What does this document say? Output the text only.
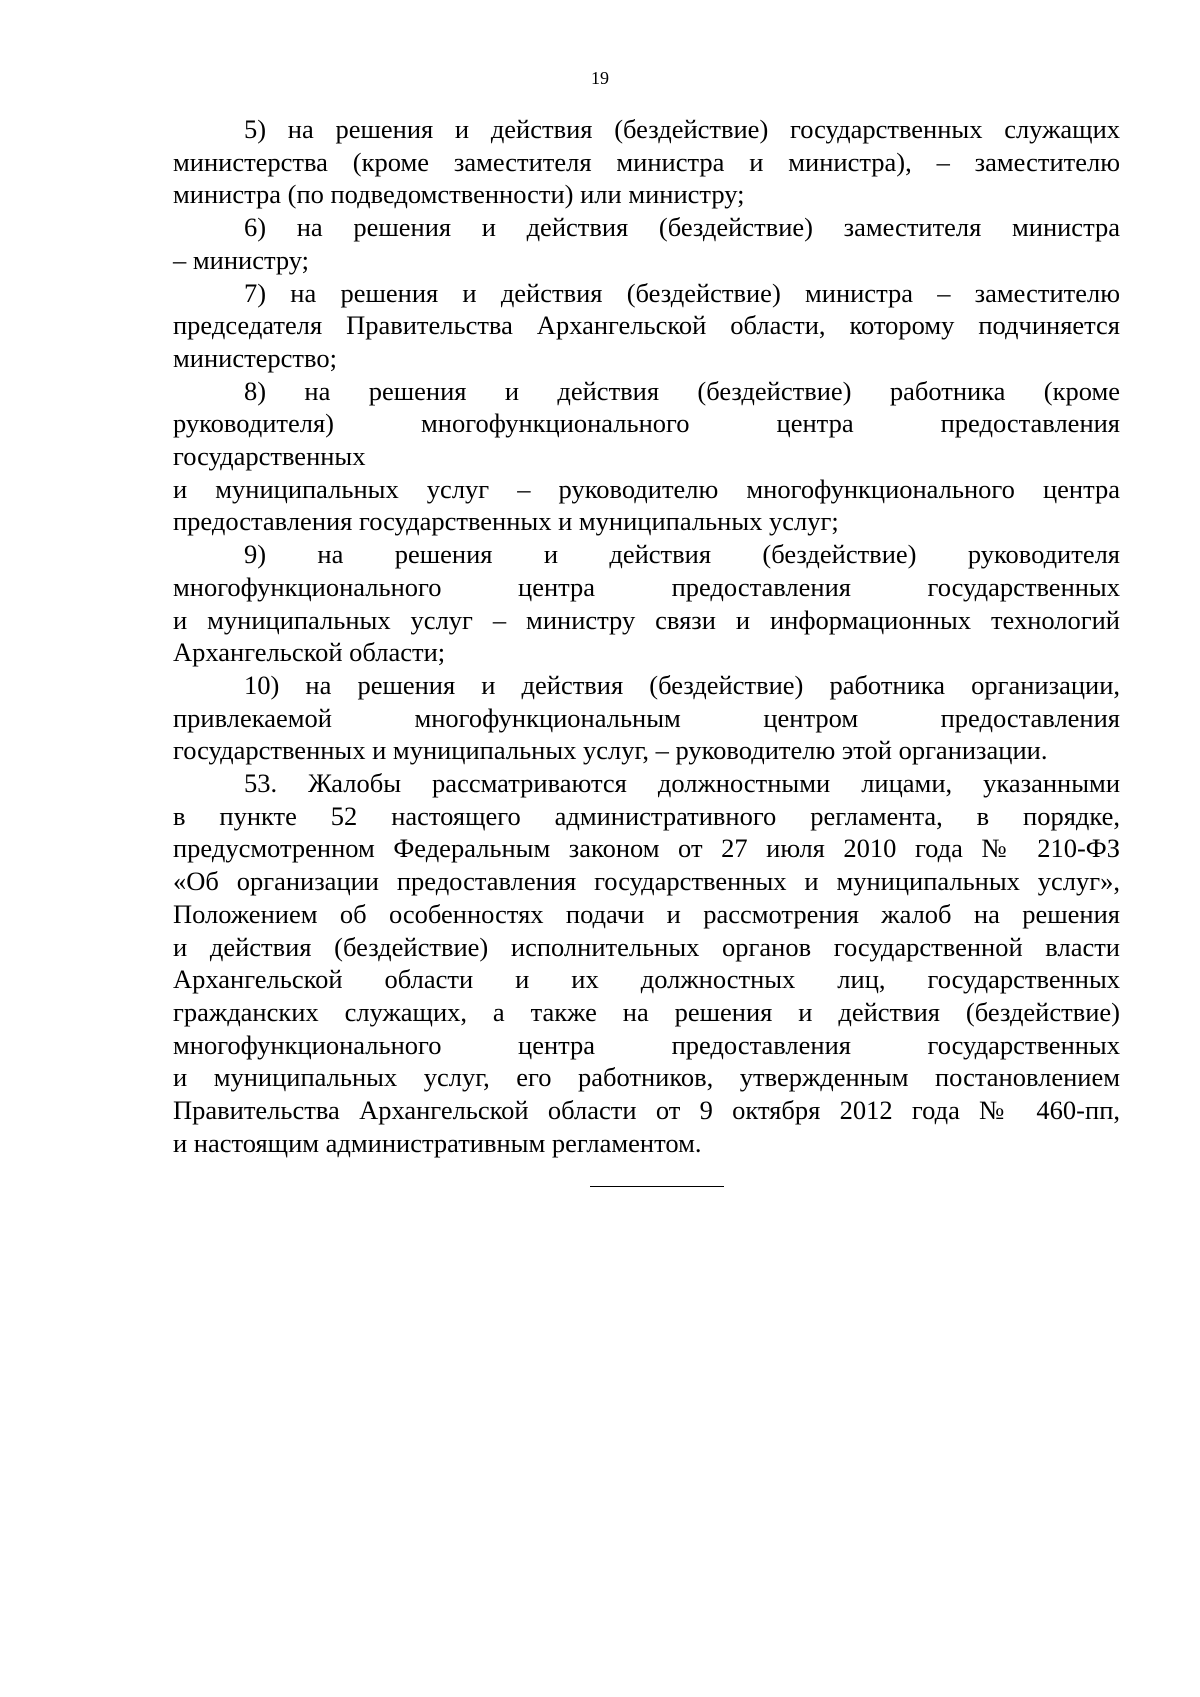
19

5) на решения и действия (бездействие) государственных служащих
министерства (кроме заместителя министра и министра), – заместителю
министра (по подведомственности) или министру;

6) на решения и действия (бездействие) заместителя министра
– министру;

7) на решения и действия (бездействие) министра – заместителю
председателя Правительства Архангельской области, которому подчиняется
министерство;

8) на решения и действия (бездействие) работника (кроме
руководителя) многофункционального центра предоставления
государственных
и муниципальных услуг – руководителю многофункционального центра
предоставления государственных и муниципальных услуг;

9) на решения и действия (бездействие) руководителя
многофункционального центра предоставления государственных
и муниципальных услуг – министру связи и информационных технологий
Архангельской области;

10) на решения и действия (бездействие) работника организации,
привлекаемой многофункциональным центром предоставления
государственных и муниципальных услуг, – руководителю этой организации.

53. Жалобы рассматриваются должностными лицами, указанными
в пункте 52 настоящего административного регламента, в порядке,
предусмотренном Федеральным законом от 27 июля 2010 года № 210-ФЗ
«Об организации предоставления государственных и муниципальных услуг»,
Положением об особенностях подачи и рассмотрения жалоб на решения
и действия (бездействие) исполнительных органов государственной власти
Архангельской области и их должностных лиц, государственных
гражданских служащих, а также на решения и действия (бездействие)
многофункционального центра предоставления государственных
и муниципальных услуг, его работников, утвержденным постановлением
Правительства Архангельской области от 9 октября 2012 года № 460-пп,
и настоящим административным регламентом.
